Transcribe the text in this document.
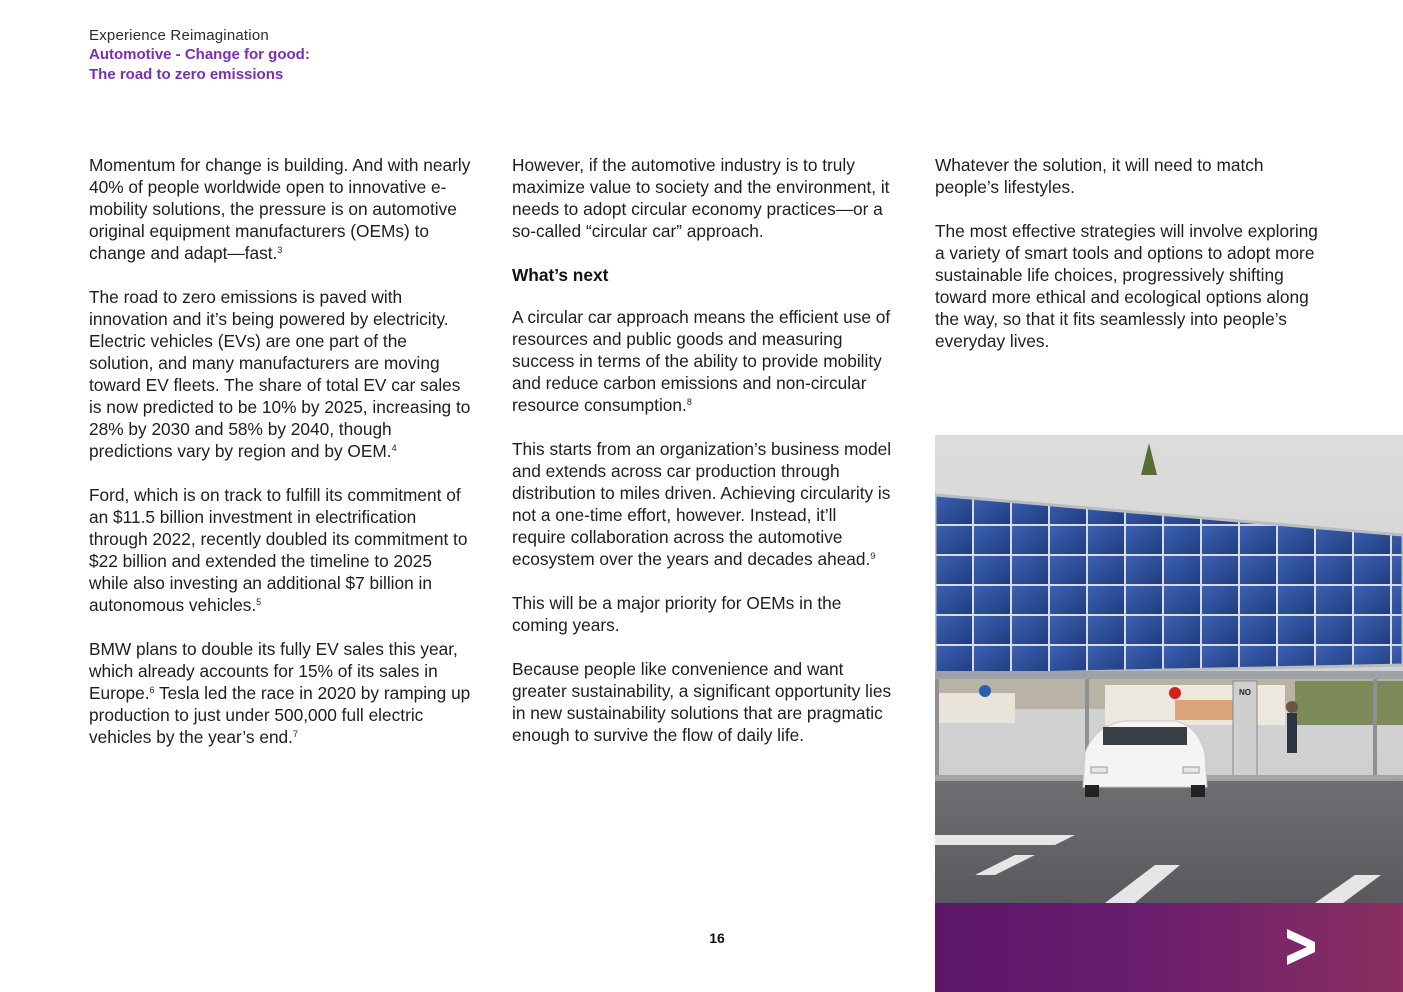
Experience Reimagination
Automotive - Change for good:
The road to zero emissions

Momentum for change is building. And with nearly 40% of people worldwide open to innovative e-mobility solutions, the pressure is on automotive original equipment manufacturers (OEMs) to change and adapt—fast.$^3$

The road to zero emissions is paved with innovation and it’s being powered by electricity. Electric vehicles (EVs) are one part of the solution, and many manufacturers are moving toward EV fleets. The share of total EV car sales is now predicted to be 10% by 2025, increasing to 28% by 2030 and 58% by 2040, though predictions vary by region and by OEM.$^4$

Ford, which is on track to fulfill its commitment of an $11.5 billion investment in electrification through 2022, recently doubled its commitment to $22 billion and extended the timeline to 2025 while also investing an additional $7 billion in autonomous vehicles.$^5$

BMW plans to double its fully EV sales this year, which already accounts for 15% of its sales in Europe.$^6$ Tesla led the race in 2020 by ramping up production to just under 500,000 full electric vehicles by the year’s end.$^7$

However, if the automotive industry is to truly maximize value to society and the environment, it needs to adopt circular economy practices—or a so-called “circular car” approach.

What’s next

A circular car approach means the efficient use of resources and public goods and measuring success in terms of the ability to provide mobility and reduce carbon emissions and non-circular resource consumption.$^8$

This starts from an organization’s business model and extends across car production through distribution to miles driven. Achieving circularity is not a one-time effort, however. Instead, it’ll require collaboration across the automotive ecosystem over the years and decades ahead.$^9$

This will be a major priority for OEMs in the coming years.

Because people like convenience and want greater sustainability, a significant opportunity lies in new sustainability solutions that are pragmatic enough to survive the flow of daily life.

Whatever the solution, it will need to match people’s lifestyles.

The most effective strategies will involve exploring a variety of smart tools and options to adopt more sustainable life choices, progressively shifting toward more ethical and ecological options along the way, so that it fits seamlessly into people’s everyday lives.

NO
16
